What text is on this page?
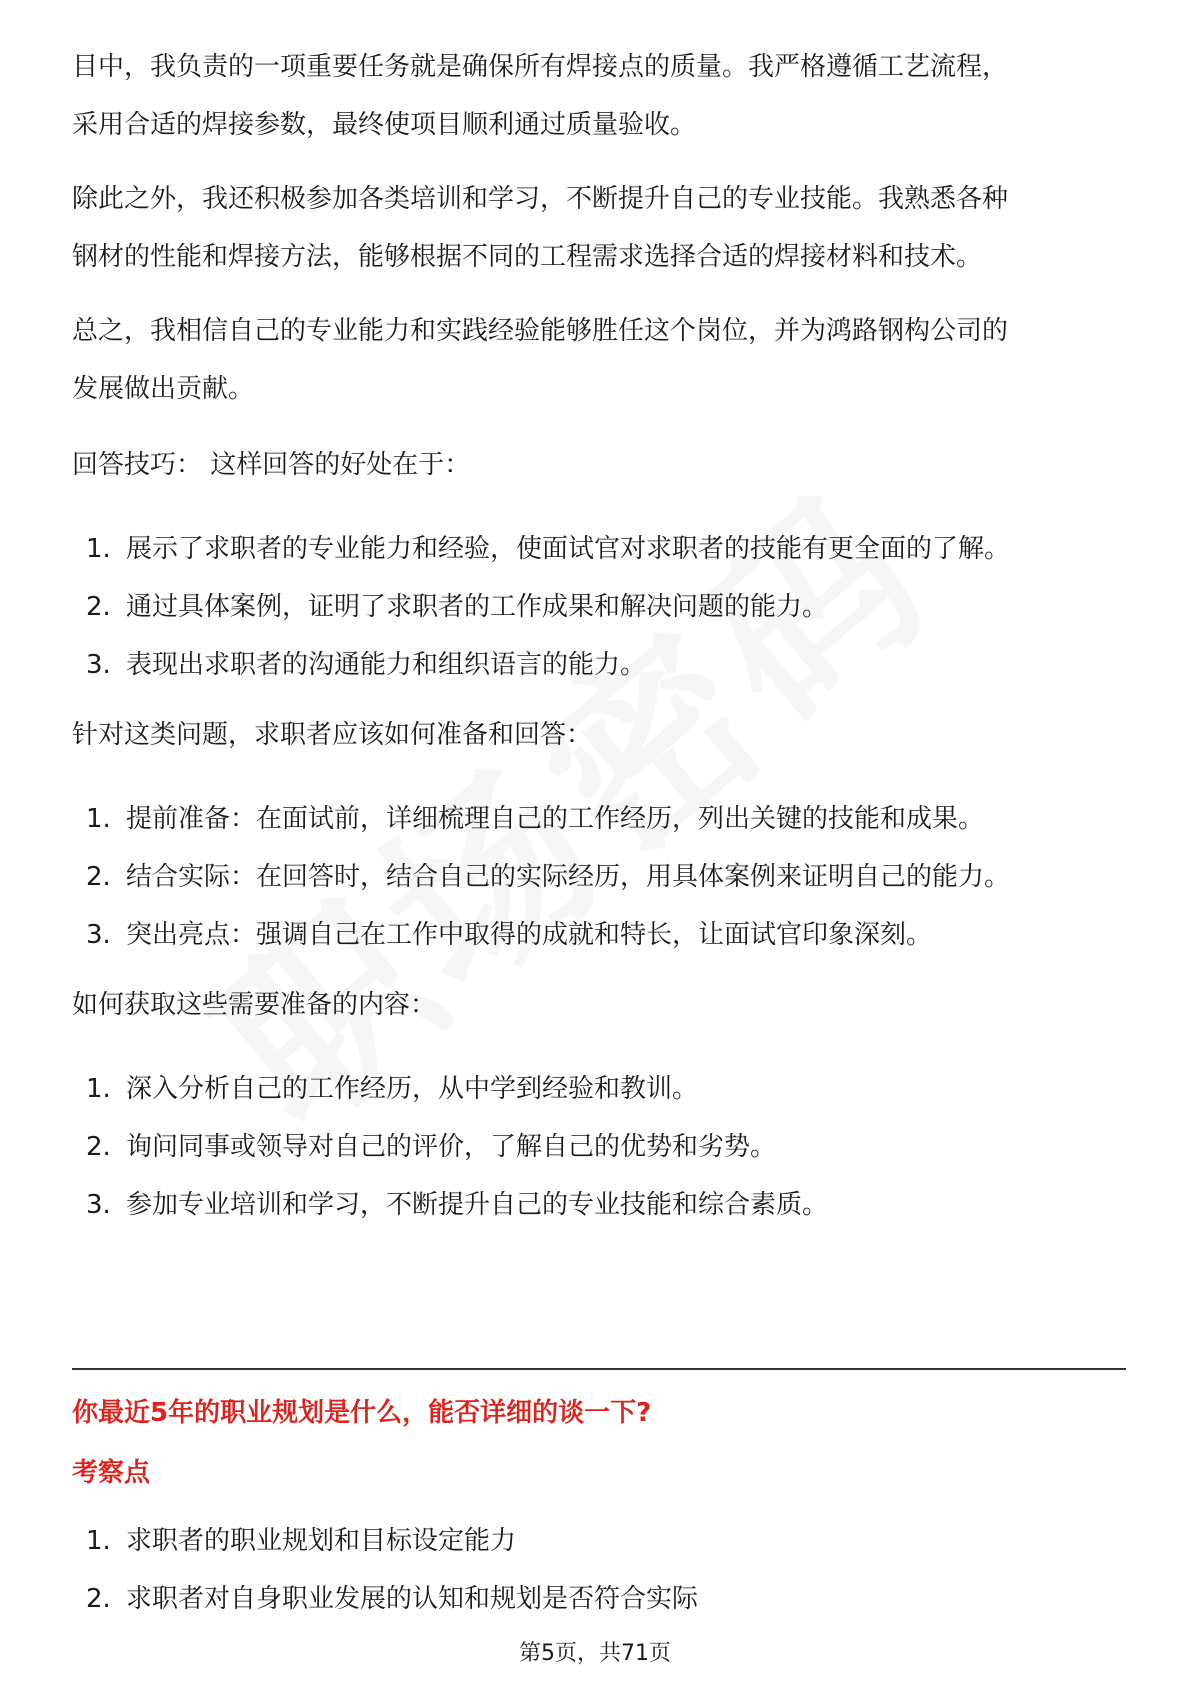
目中，我负责的一项重要任务就是确保所有焊接点的质量。我严格遵循工艺流程，
采用合适的焊接参数，最终使项目顺利通过质量验收。

除此之外，我还积极参加各类培训和学习，不断提升自己的专业技能。我熟悉各种
钢材的性能和焊接方法，能够根据不同的工程需求选择合适的焊接材料和技术。

总之，我相信自己的专业能力和实践经验能够胜任这个岗位，并为鸿路钢构公司的
发展做出贡献。

回答技巧： 这样回答的好处在于：

1. 展示了求职者的专业能力和经验，使面试官对求职者的技能有更全面的了解。
2. 通过具体案例，证明了求职者的工作成果和解决问题的能力。
3. 表现出求职者的沟通能力和组织语言的能力。

针对这类问题，求职者应该如何准备和回答：

1. 提前准备：在面试前，详细梳理自己的工作经历，列出关键的技能和成果。
2. 结合实际：在回答时，结合自己的实际经历，用具体案例来证明自己的能力。
3. 突出亮点：强调自己在工作中取得的成就和特长，让面试官印象深刻。

如何获取这些需要准备的内容：

1. 深入分析自己的工作经历，从中学到经验和教训。
2. 询问同事或领导对自己的评价，了解自己的优势和劣势。
3. 参加专业培训和学习，不断提升自己的专业技能和综合素质。
你最近5年的职业规划是什么，能否详细的谈一下?
考察点
1. 求职者的职业规划和目标设定能力
2. 求职者对自身职业发展的认知和规划是否符合实际
第5页，共71页
